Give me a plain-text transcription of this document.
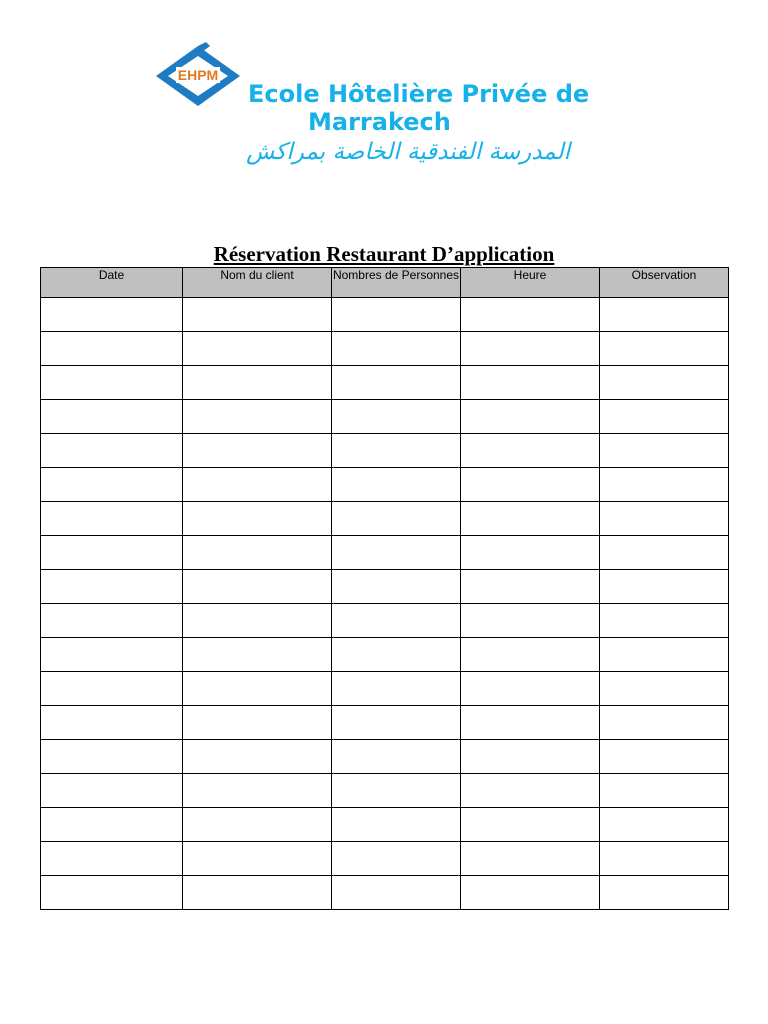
EHPM
Ecole Hôtelière Privée de
Marrakech

المدرسة الفندقية الخاصة بمراكش

Réservation Restaurant D’application
Date	Nom du client	Nombres de Personnes	Heure	Observation
